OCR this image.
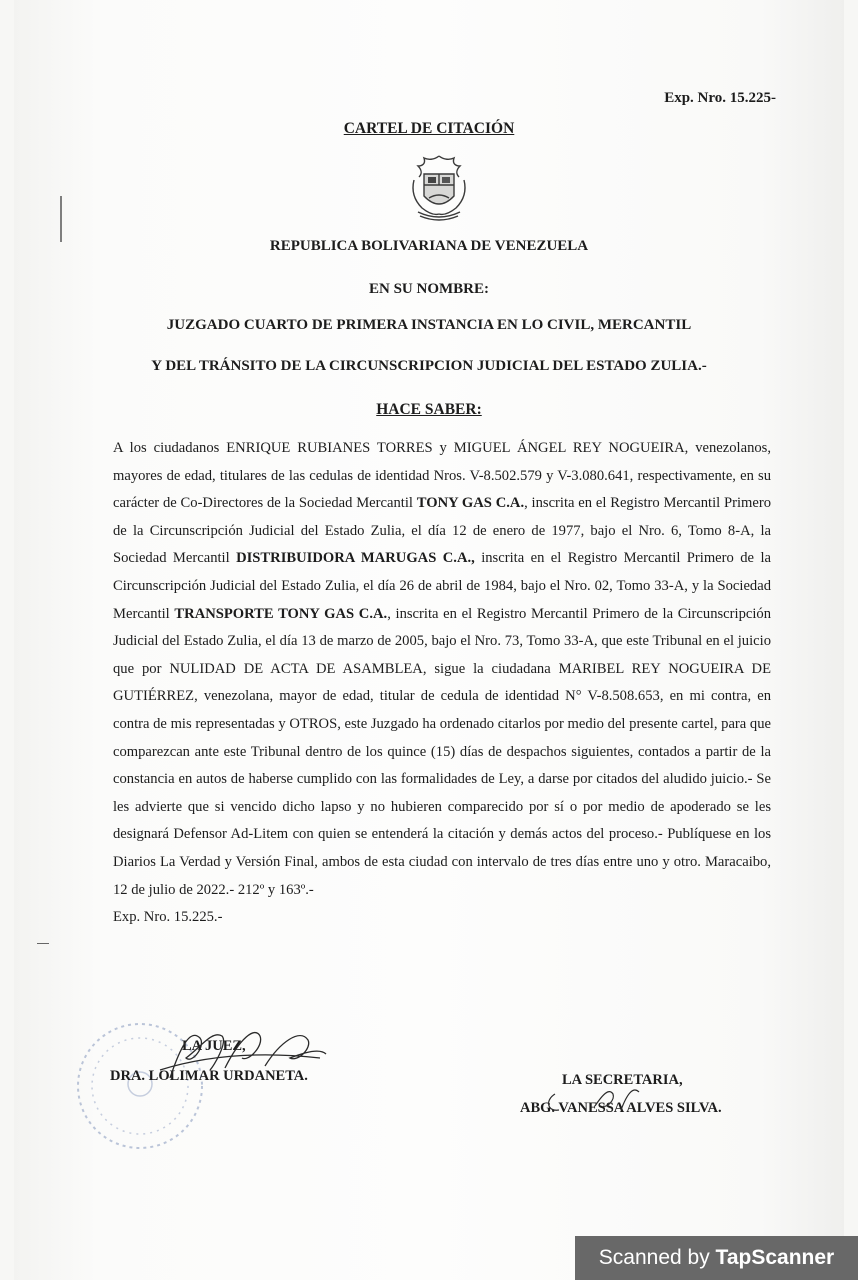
Exp. Nro. 15.225-
CARTEL DE CITACIÓN
REPUBLICA BOLIVARIANA DE VENEZUELA
EN SU NOMBRE:
JUZGADO CUARTO DE PRIMERA INSTANCIA EN LO CIVIL, MERCANTIL
Y DEL TRÁNSITO DE LA CIRCUNSCRIPCION JUDICIAL DEL ESTADO ZULIA.-
HACE SABER:
A los ciudadanos ENRIQUE RUBIANES TORRES y MIGUEL ÁNGEL REY NOGUEIRA, venezolanos, mayores de edad, titulares de las cedulas de identidad Nros. V-8.502.579 y V-3.080.641, respectivamente, en su carácter de Co-Directores de la Sociedad Mercantil TONY GAS C.A., inscrita en el Registro Mercantil Primero de la Circunscripción Judicial del Estado Zulia, el día 12 de enero de 1977, bajo el Nro. 6, Tomo 8-A, la Sociedad Mercantil DISTRIBUIDORA MARUGAS C.A., inscrita en el Registro Mercantil Primero de la Circunscripción Judicial del Estado Zulia, el día 26 de abril de 1984, bajo el Nro. 02, Tomo 33-A, y la Sociedad Mercantil TRANSPORTE TONY GAS C.A., inscrita en el Registro Mercantil Primero de la Circunscripción Judicial del Estado Zulia, el día 13 de marzo de 2005, bajo el Nro. 73, Tomo 33-A, que este Tribunal en el juicio que por NULIDAD DE ACTA DE ASAMBLEA, sigue la ciudadana MARIBEL REY NOGUEIRA DE GUTIÉRREZ, venezolana, mayor de edad, titular de cedula de identidad N° V-8.508.653, en mi contra, en contra de mis representadas y OTROS, este Juzgado ha ordenado citarlos por medio del presente cartel, para que comparezcan ante este Tribunal dentro de los quince (15) días de despachos siguientes, contados a partir de la constancia en autos de haberse cumplido con las formalidades de Ley, a darse por citados del aludido juicio.- Se les advierte que si vencido dicho lapso y no hubieren comparecido por sí o por medio de apoderado se les designará Defensor Ad-Litem con quien se entenderá la citación y demás actos del proceso.- Publíquese en los Diarios La Verdad y Versión Final, ambos de esta ciudad con intervalo de tres días entre uno y otro. Maracaibo, 12 de julio de 2022.- 212º y 163º.-
Exp. Nro. 15.225.-
LA JUEZ,
DRA. LOLIMAR URDANETA.	LA SECRETARIA,
ABG. VANESSA ALVES SILVA.
Scanned by TapScanner
